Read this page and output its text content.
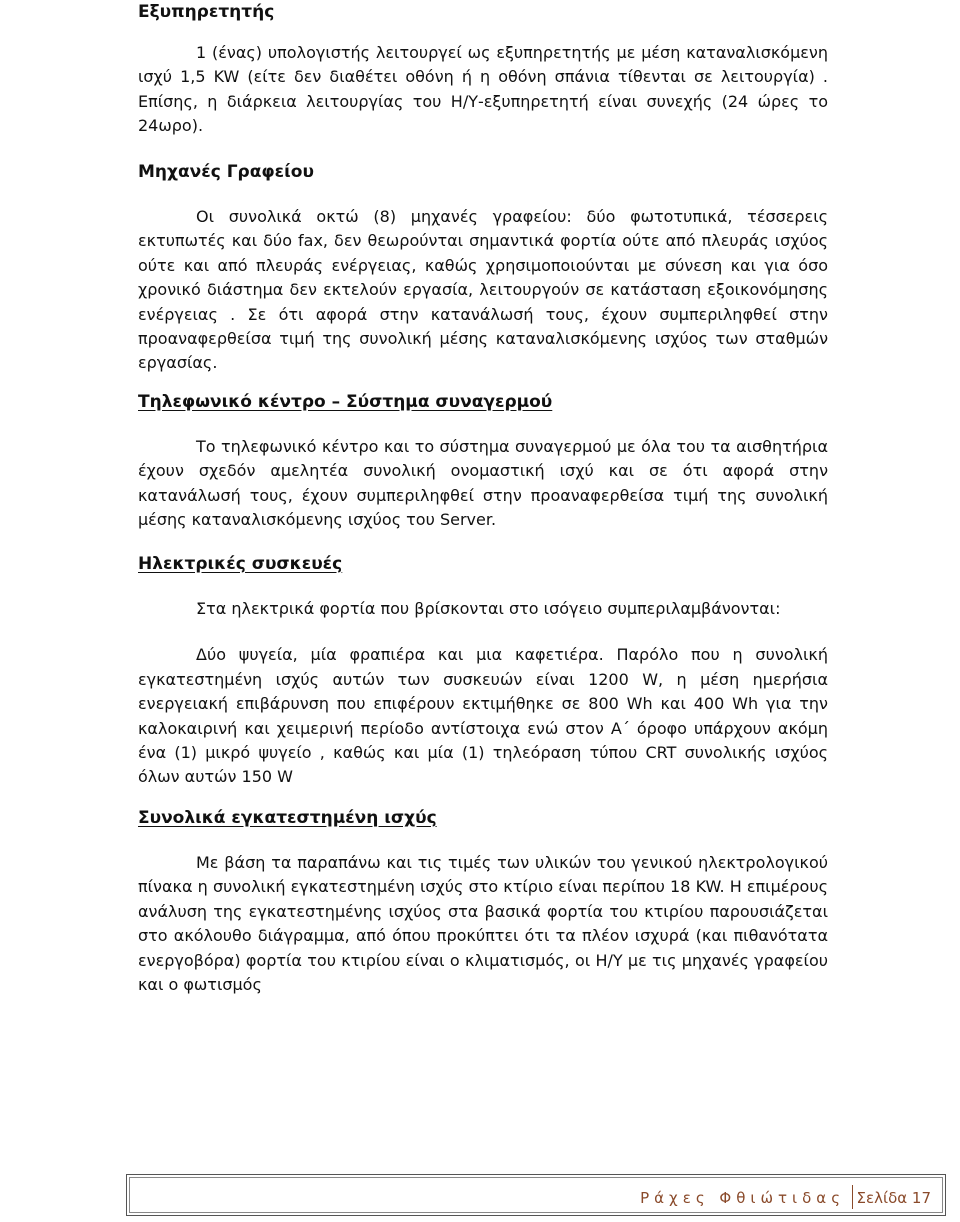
Εξυπηρετητής

1 (ένας) υπολογιστής λειτουργεί ως εξυπηρετητής με μέση καταναλισκόμενη ισχύ 1,5 KW (είτε δεν διαθέτει οθόνη ή η οθόνη σπάνια τίθενται σε λειτουργία) . Επίσης, η διάρκεια λειτουργίας του Η/Υ-εξυπηρετητή είναι συνεχής (24 ώρες το 24ωρο).

Μηχανές Γραφείου

Οι συνολικά οκτώ (8) μηχανές γραφείου: δύο φωτοτυπικά, τέσσερεις εκτυπωτές και δύο fax, δεν θεωρούνται σημαντικά φορτία ούτε από πλευράς ισχύος ούτε και από πλευράς ενέργειας, καθώς χρησιμοποιούνται με σύνεση και για όσο χρονικό διάστημα δεν εκτελούν εργασία, λειτουργούν σε κατάσταση εξοικονόμησης ενέργειας . Σε ότι αφορά στην κατανάλωσή τους, έχουν συμπεριληφθεί στην προαναφερθείσα τιμή της συνολική μέσης καταναλισκόμενης ισχύος των σταθμών εργασίας.

Τηλεφωνικό κέντρο – Σύστημα συναγερμού

Το τηλεφωνικό κέντρο και το σύστημα συναγερμού με όλα του τα αισθητήρια έχουν σχεδόν αμελητέα συνολική ονομαστική ισχύ και σε ότι αφορά στην κατανάλωσή τους, έχουν συμπεριληφθεί στην προαναφερθείσα τιμή της συνολική μέσης καταναλισκόμενης ισχύος του Server.

Ηλεκτρικές συσκευές

Στα ηλεκτρικά φορτία που βρίσκονται στο ισόγειο συμπεριλαμβάνονται:

Δύο ψυγεία, μία φραπιέρα και μια καφετιέρα. Παρόλο που η συνολική εγκατεστημένη ισχύς αυτών των συσκευών είναι 1200 W, η μέση ημερήσια ενεργειακή επιβάρυνση που επιφέρουν εκτιμήθηκε σε 800 Wh και 400 Wh για την καλοκαιρινή και χειμερινή περίοδο αντίστοιχα ενώ στον Α΄ όροφο υπάρχουν ακόμη ένα (1) μικρό ψυγείο , καθώς και μία (1) τηλεόραση τύπου CRT συνολικής ισχύος όλων αυτών 150 W

Συνολικά εγκατεστημένη ισχύς

Με βάση τα παραπάνω και τις τιμές των υλικών του γενικού ηλεκτρολογικού πίνακα η συνολική εγκατεστημένη ισχύς στο κτίριο είναι περίπου 18 KW. Η επιμέρους ανάλυση της εγκατεστημένης ισχύος στα βασικά φορτία του κτιρίου παρουσιάζεται στο ακόλουθο διάγραμμα, από όπου προκύπτει ότι τα πλέον ισχυρά (και πιθανότατα ενεργοβόρα) φορτία του κτιρίου είναι ο κλιματισμός, οι Η/Υ με τις μηχανές γραφείου και ο φωτισμός

Ράχες Φθιώτιδας Σελίδα 17
